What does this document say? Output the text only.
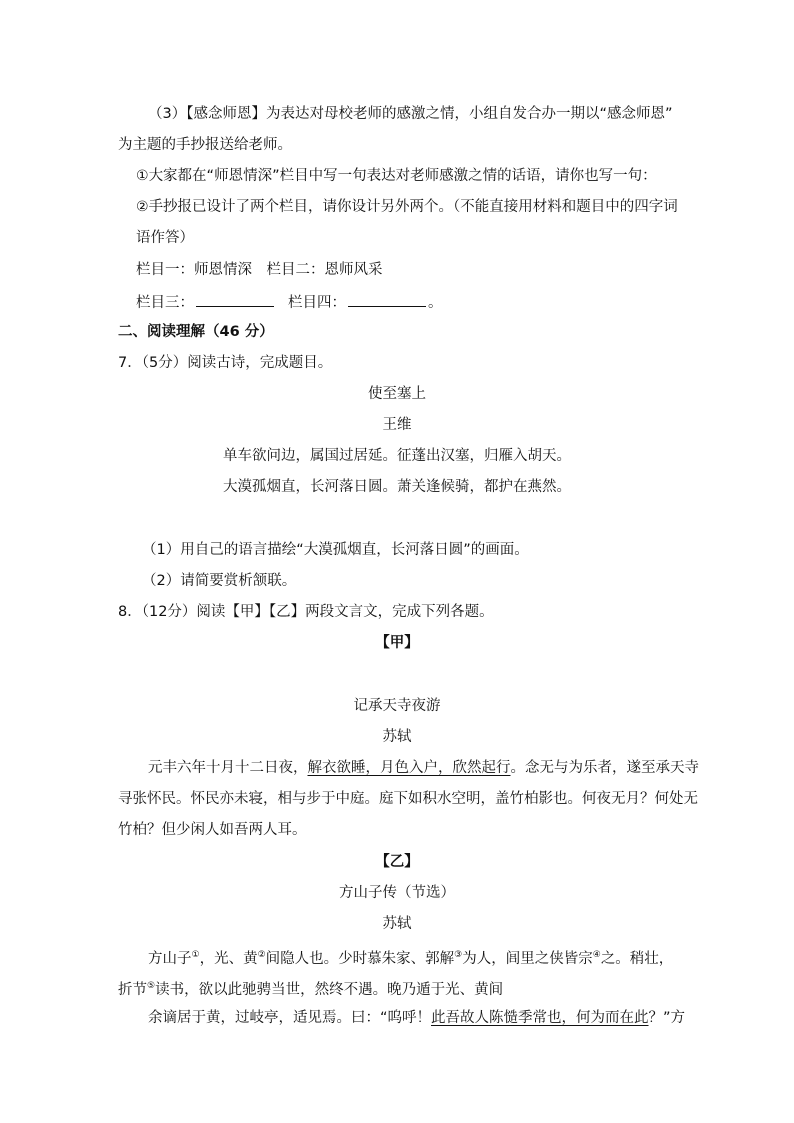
（3）【感念师恩】为表达对母校老师的感激之情，小组自发合办一期以“感念师恩”
为主题的手抄报送给老师。
①大家都在“师恩情深”栏目中写一句表达对老师感激之情的话语，请你也写一句：
②手抄报已设计了两个栏目，请你设计另外两个。（不能直接用材料和题目中的四字词
语作答）
栏目一：师恩情深　栏目二：恩师风采
栏目三：	栏目四：	。
二、阅读理解（46 分）
7．（5分）阅读古诗，完成题目。
使至塞上
王维
单车欲问边，属国过居延。征蓬出汉塞，归雁入胡天。
大漠孤烟直，长河落日圆。萧关逢候骑，都护在燕然。
（1）用自己的语言描绘“大漠孤烟直，长河落日圆”的画面。
（2）请简要赏析颔联。
8．（12分）阅读【甲】【乙】两段文言文，完成下列各题。
【甲】
记承天寺夜游
苏轼
元丰六年十月十二日夜，解衣欲睡，月色入户，欣然起行。念无与为乐者，遂至承天寺
寻张怀民。怀民亦未寝，相与步于中庭。庭下如积水空明，盖竹柏影也。何夜无月？何处无
竹柏？但少闲人如吾两人耳。
【乙】
方山子传（节选）
苏轼
方山子①，光、黄②间隐人也。少时慕朱家、郭解③为人，闾里之侠皆宗④之。稍壮，
折节⑤读书，欲以此驰骋当世，然终不遇。晚乃遁于光、黄间
余谪居于黄，过岐亭，适见焉。曰：“呜呼！此吾故人陈慥季常也，何为而在此？”方
